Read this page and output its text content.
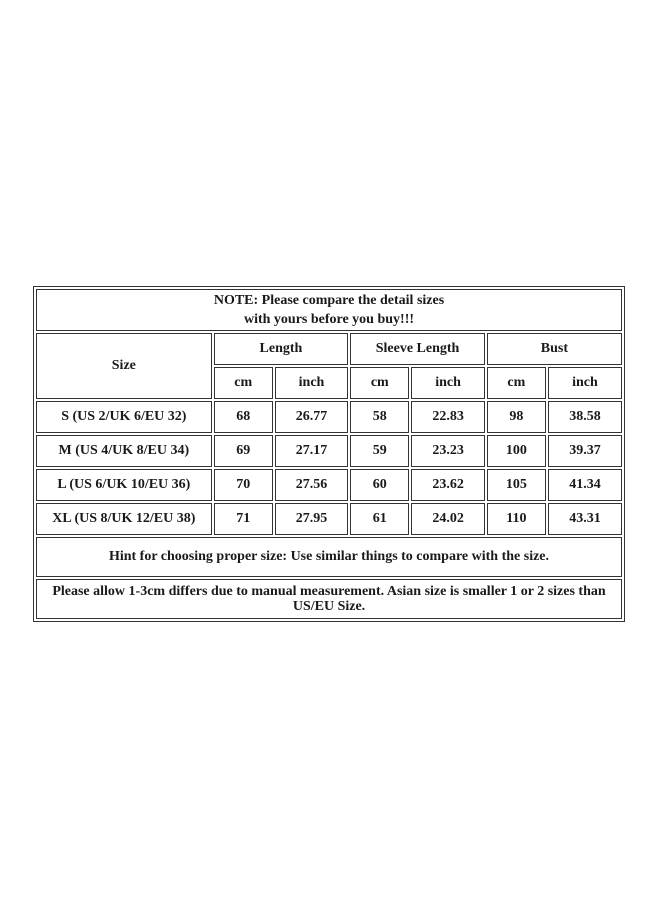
NOTE: Please compare the detail sizes
with yours before you buy!!!						

Size	Length		Sleeve Length		Bust	
	cm	inch	cm	inch	cm	inch
S (US 2/UK 6/EU 32)	68	26.77	58	22.83	98	38.58
M (US 4/UK 8/EU 34)	69	27.17	59	23.23	100	39.37
L (US 6/UK 10/EU 36)	70	27.56	60	23.62	105	41.34
XL (US 8/UK 12/EU 38)	71	27.95	61	24.02	110	43.31
Hint for choosing proper size: Use similar things to compare with the size.						
Please allow 1-3cm differs due to manual measurement. Asian size is smaller 1 or 2 sizes than US/EU Size.						
